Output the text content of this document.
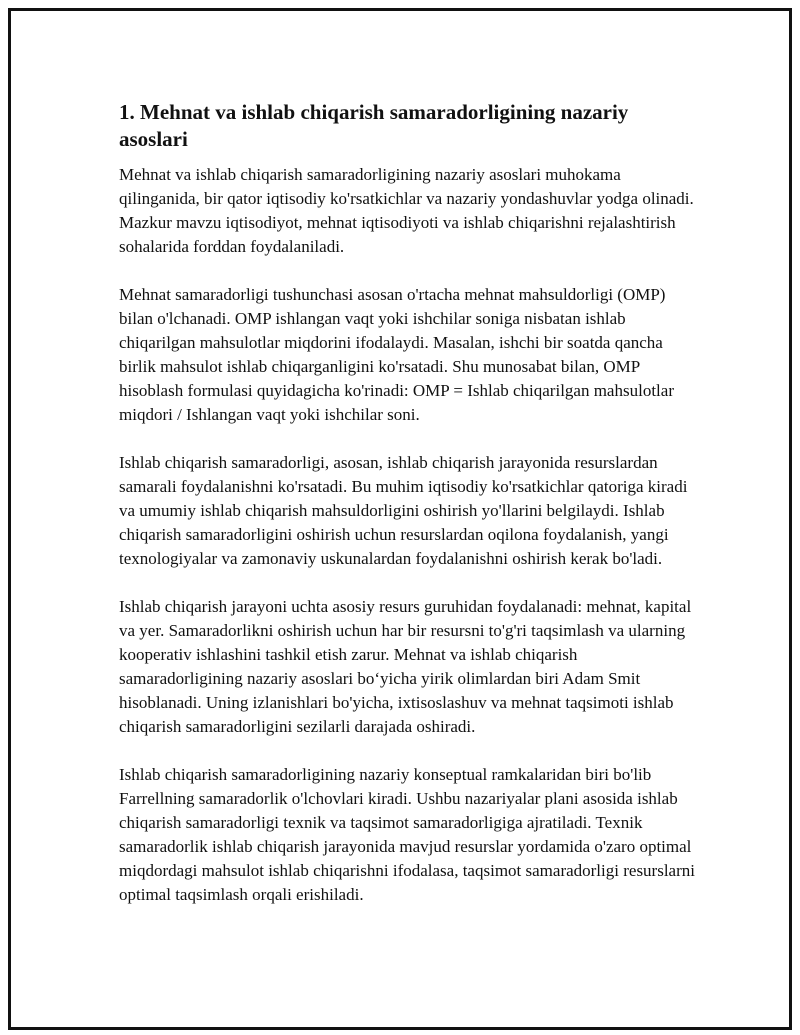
1. Mehnat va ishlab chiqarish samaradorligining nazariy asoslari

Mehnat va ishlab chiqarish samaradorligining nazariy asoslari muhokama qilinganida, bir qator iqtisodiy ko'rsatkichlar va nazariy yondashuvlar yodga olinadi. Mazkur mavzu iqtisodiyot, mehnat iqtisodiyoti va ishlab chiqarishni rejalashtirish sohalarida forddan foydalaniladi.

Mehnat samaradorligi tushunchasi asosan o'rtacha mehnat mahsuldorligi (OMP) bilan o'lchanadi. OMP ishlangan vaqt yoki ishchilar soniga nisbatan ishlab chiqarilgan mahsulotlar miqdorini ifodalaydi. Masalan, ishchi bir soatda qancha birlik mahsulot ishlab chiqarganligini ko'rsatadi. Shu munosabat bilan, OMP hisoblash formulasi quyidagicha ko'rinadi: OMP = Ishlab chiqarilgan mahsulotlar miqdori / Ishlangan vaqt yoki ishchilar soni.

Ishlab chiqarish samaradorligi, asosan, ishlab chiqarish jarayonida resurslardan samarali foydalanishni ko'rsatadi. Bu muhim iqtisodiy ko'rsatkichlar qatoriga kiradi va umumiy ishlab chiqarish mahsuldorligini oshirish yo'llarini belgilaydi. Ishlab chiqarish samaradorligini oshirish uchun resurslardan oqilona foydalanish, yangi texnologiyalar va zamonaviy uskunalardan foydalanishni oshirish kerak bo'ladi.

Ishlab chiqarish jarayoni uchta asosiy resurs guruhidan foydalanadi: mehnat, kapital va yer. Samaradorlikni oshirish uchun har bir resursni to'g'ri taqsimlash va ularning kooperativ ishlashini tashkil etish zarur. Mehnat va ishlab chiqarish samaradorligining nazariy asoslari bo‘yicha yirik olimlardan biri Adam Smit hisoblanadi. Uning izlanishlari bo'yicha, ixtisoslashuv va mehnat taqsimoti ishlab chiqarish samaradorligini sezilarli darajada oshiradi.

Ishlab chiqarish samaradorligining nazariy konseptual ramkalaridan biri bo'lib Farrellning samaradorlik o'lchovlari kiradi. Ushbu nazariyalar plani asosida ishlab chiqarish samaradorligi texnik va taqsimot samaradorligiga ajratiladi. Texnik samaradorlik ishlab chiqarish jarayonida mavjud resurslar yordamida o'zaro optimal miqdordagi mahsulot ishlab chiqarishni ifodalasa, taqsimot samaradorligi resurslarni optimal taqsimlash orqali erishiladi.
